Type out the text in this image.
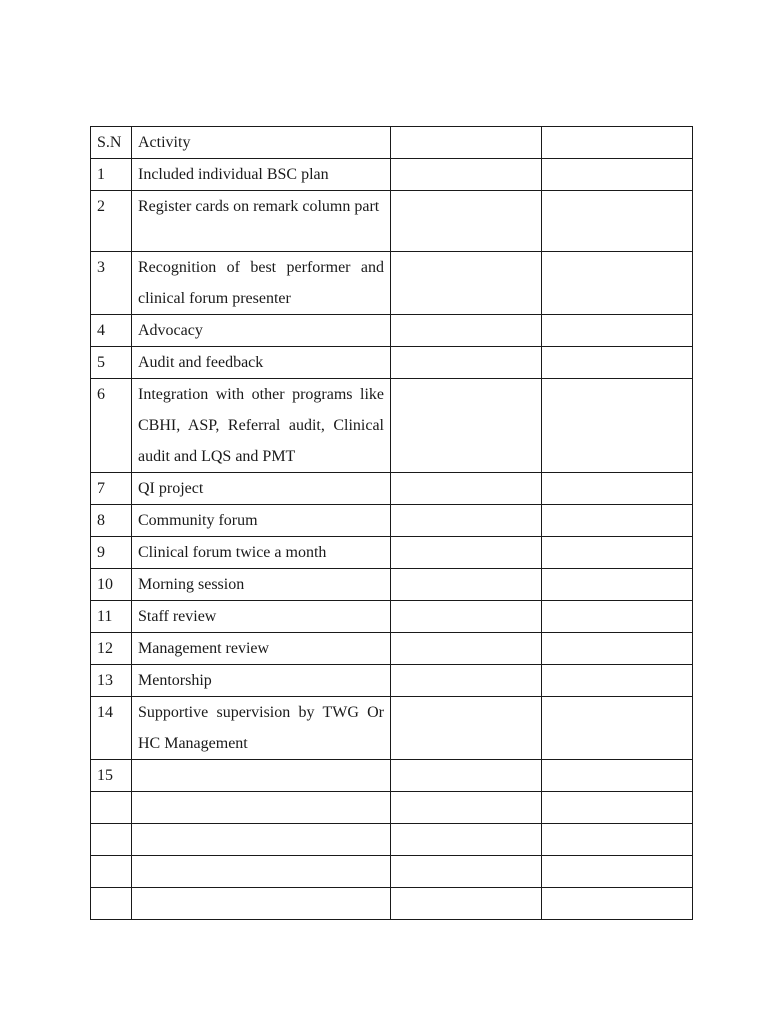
S.N	Activity		
1	Included individual BSC plan		
2	Register cards on remark column part		
3	Recognition of best performer and clinical forum presenter		
4	Advocacy		
5	Audit and feedback		
6	Integration with other programs like CBHI, ASP, Referral audit, Clinical audit and LQS and PMT		
7	QI project		
8	Community forum		
9	Clinical forum twice a month		
10	Morning session		
11	Staff review		
12	Management review		
13	Mentorship		
14	Supportive supervision by TWG Or HC Management		
15			
